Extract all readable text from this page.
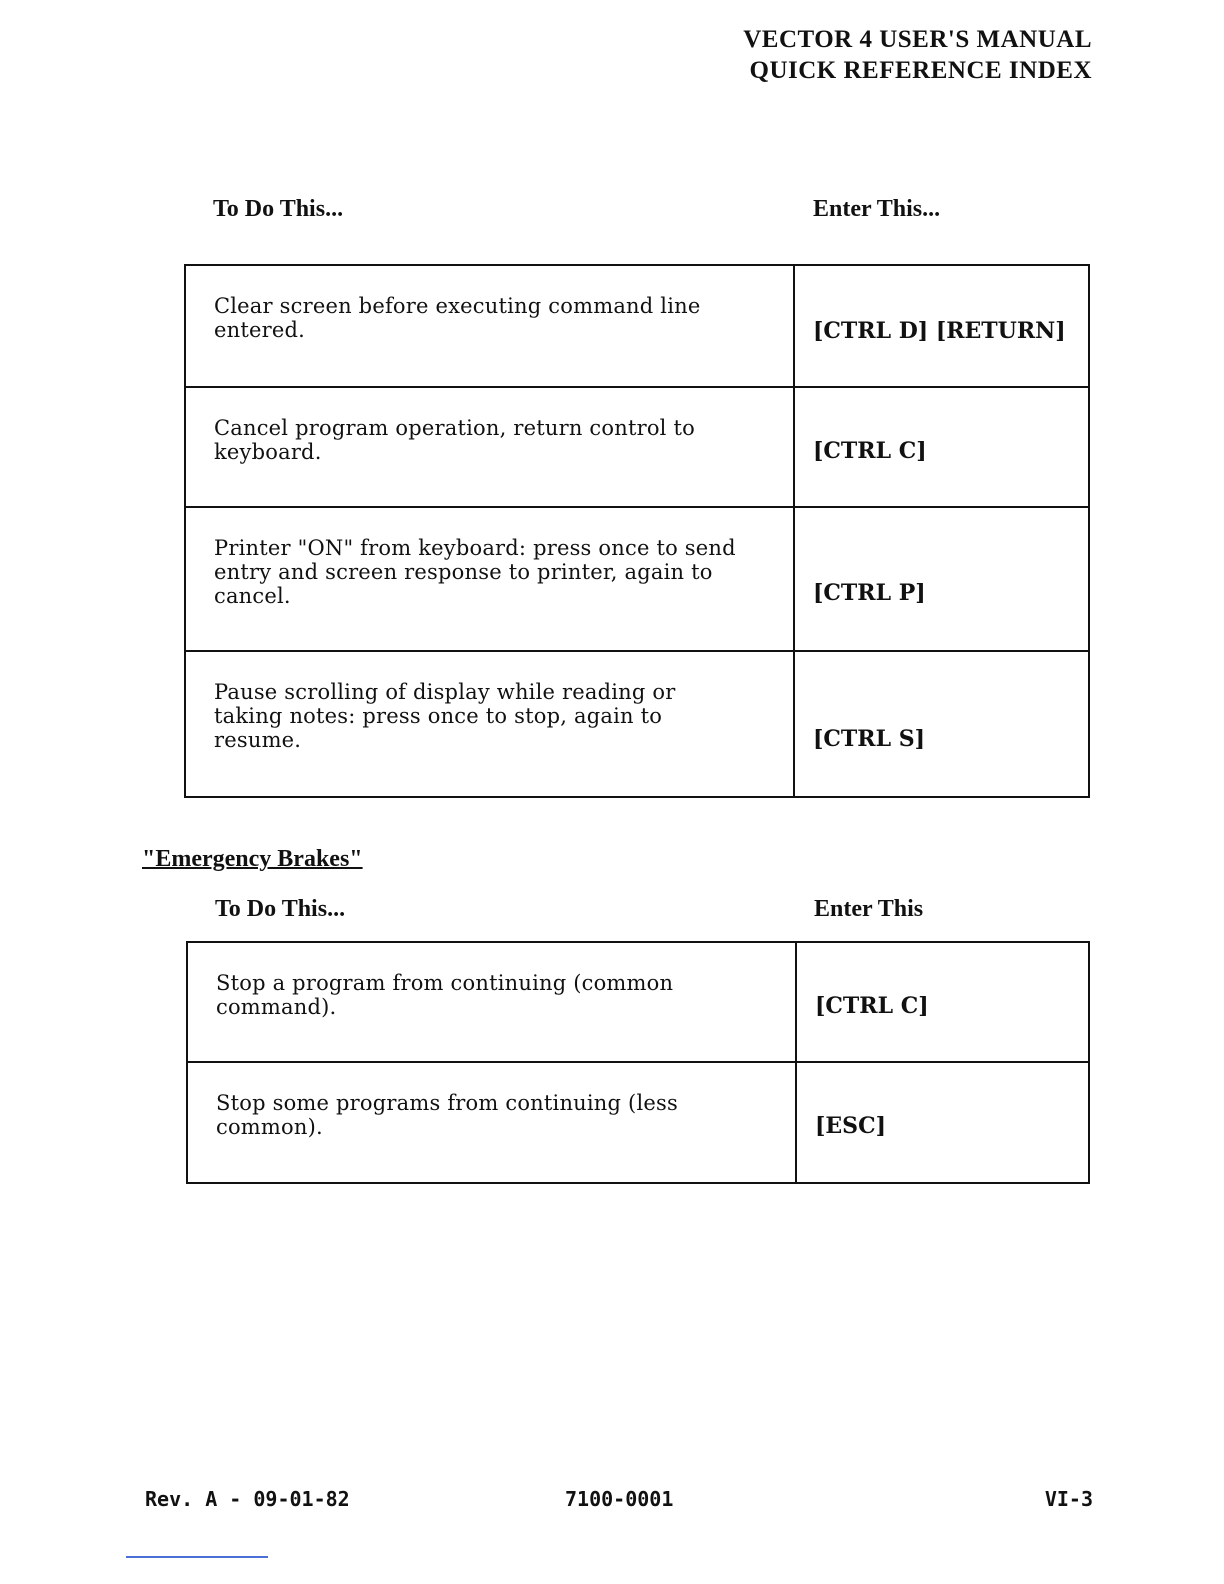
VECTOR 4 USER'S MANUAL
QUICK REFERENCE INDEX
To Do This...	Enter This...
Clear screen before executing command line entered.	[CTRL D] [RETURN]

Cancel program operation, return control to keyboard.	[CTRL C]

Printer "ON" from keyboard: press once to send entry and screen response to printer, again to cancel.	[CTRL P]

Pause scrolling of display while reading or taking notes: press once to stop, again to resume.	[CTRL S]
"Emergency Brakes"
To Do This...	Enter This
Stop a program from continuing (common command).	[CTRL C]

Stop some programs from continuing (less common).	[ESC]
Rev. A - 09-01-82	7100-0001	VI-3
